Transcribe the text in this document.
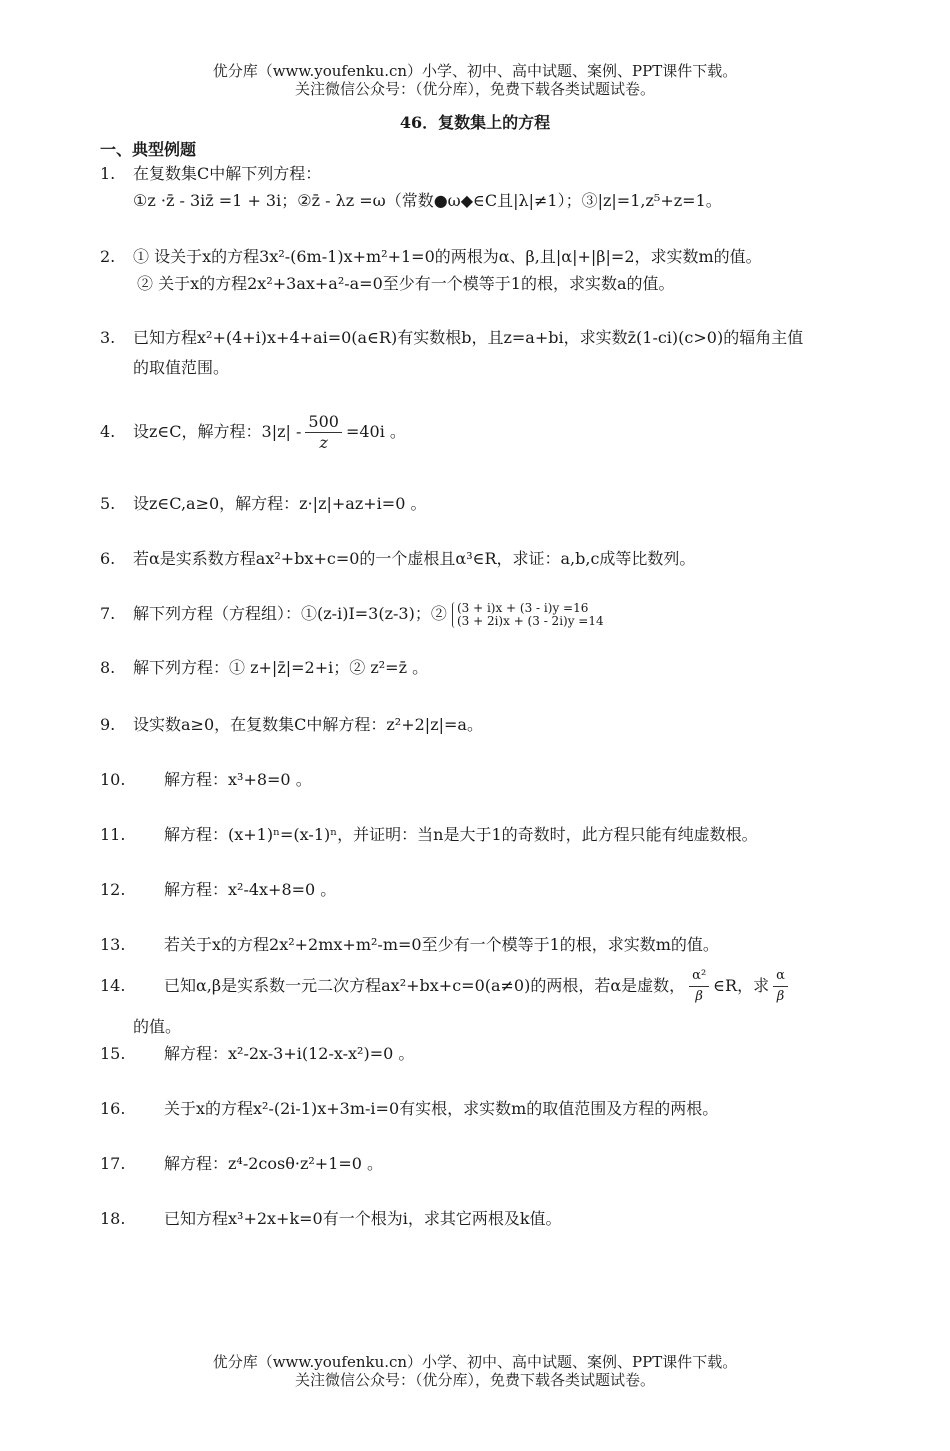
优分库（www.youfenku.cn）小学、初中、高中试题、案例、PPT课件下载。
关注微信公众号：（优分库），免费下载各类试题试卷。
46．复数集上的方程
一、典型例题
1. 在复数集C中解下列方程：
①z ·z̄ - 3iz̄ =1 + 3i；②z̄ - λz =ω（常数●ω◆∈C且|λ|≠1）；③|z|=1,z⁵+z=1。
2. ① 设关于x的方程3x²-(6m-1)x+m²+1=0的两根为α、β,且|α|+|β|=2，求实数m的值。
② 关于x的方程2x²+3ax+a²-a=0至少有一个模等于1的根，求实数a的值。
3. 已知方程x²+(4+i)x+4+ai=0(a∈R)有实数根b，且z=a+bi，求实数z̄(1-ci)(c>0)的辐角主值
的取值范围。
4. 设z∈C，解方程：$3|z| - \frac{500}{z} =40i$ 。
5. 设z∈C,a≥0，解方程：z·|z|+az+i=0 。
6. 若α是实系数方程ax²+bx+c=0的一个虚根且α³∈R，求证：a,b,c成等比数列。
7. 解下列方程（方程组）：①(z-i)I=3(z-3)；② (3 + i)x + (3 - i)y =16
(3 + 2i)x + (3 - 2i)y =14
8. 解下列方程：① z+|z̄|=2+i；② z²=z̄ 。
9. 设实数a≥0，在复数集C中解方程：z²+2|z|=a。
10. 解方程：x³+8=0 。
11. 解方程：(x+1)ⁿ=(x-1)ⁿ，并证明：当n是大于1的奇数时，此方程只能有纯虚数根。
12. 解方程：x²-4x+8=0 。
13. 若关于x的方程2x²+2mx+m²-m=0至少有一个模等于1的根，求实数m的值。
14. 已知α,β是实系数一元二次方程ax²+bx+c=0(a≠0)的两根，若α是虚数， $\frac{\text{α²}}{\beta}$ ∈R，求 $\frac{\alpha}{\beta}$
的值。
15. 解方程：x²-2x-3+i(12-x-x²)=0 。
16. 关于x的方程x²-(2i-1)x+3m-i=0有实根，求实数m的取值范围及方程的两根。
17. 解方程：z⁴-2cosθ·z²+1=0 。
18. 已知方程x³+2x+k=0有一个根为i，求其它两根及k值。
优分库（www.youfenku.cn）小学、初中、高中试题、案例、PPT课件下载。
关注微信公众号：（优分库），免费下载各类试题试卷。
